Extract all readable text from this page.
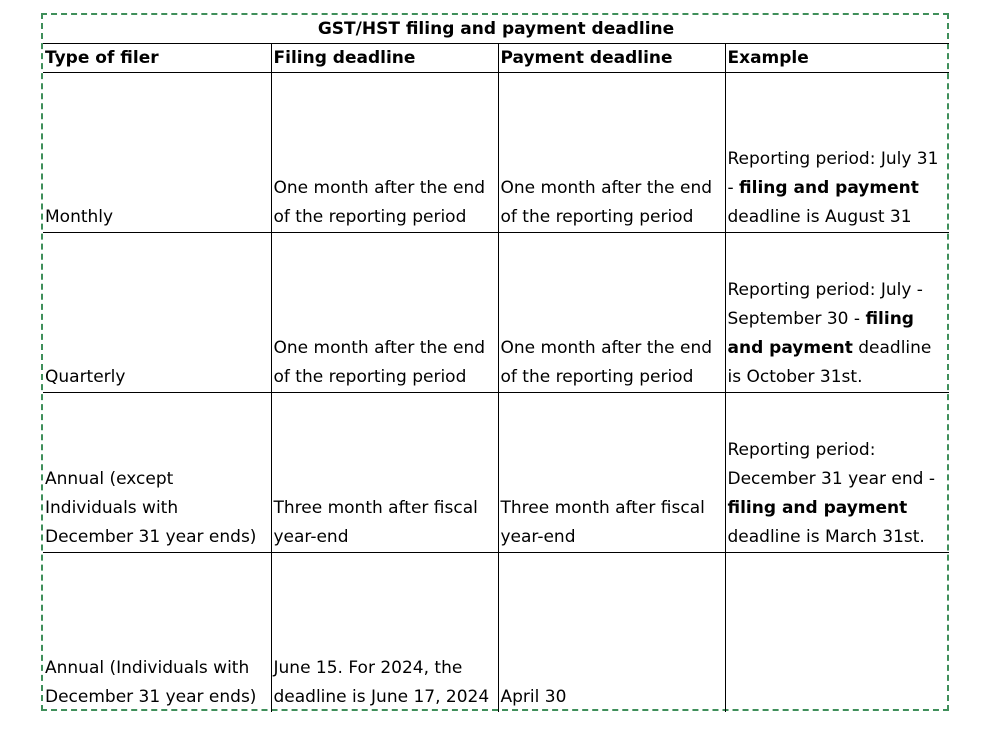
GST/HST filing and payment deadline			
Type of filer	Filing deadline	Payment deadline	Example
Monthly	One month after the end of the reporting period	One month after the end of the reporting period	Reporting period: July 31 - filing and payment deadline is August 31
Quarterly	One month after the end of the reporting period	One month after the end of the reporting period	Reporting period: July - September 30 - filing and payment deadline is October 31st.
Annual (except Individuals with December 31 year ends)	Three month after fiscal year-end	Three month after fiscal year-end	Reporting period: December 31 year end - filing and payment deadline is March 31st.
Annual (Individuals with December 31 year ends)	June 15. For 2024, the deadline is June 17, 2024	April 30	
